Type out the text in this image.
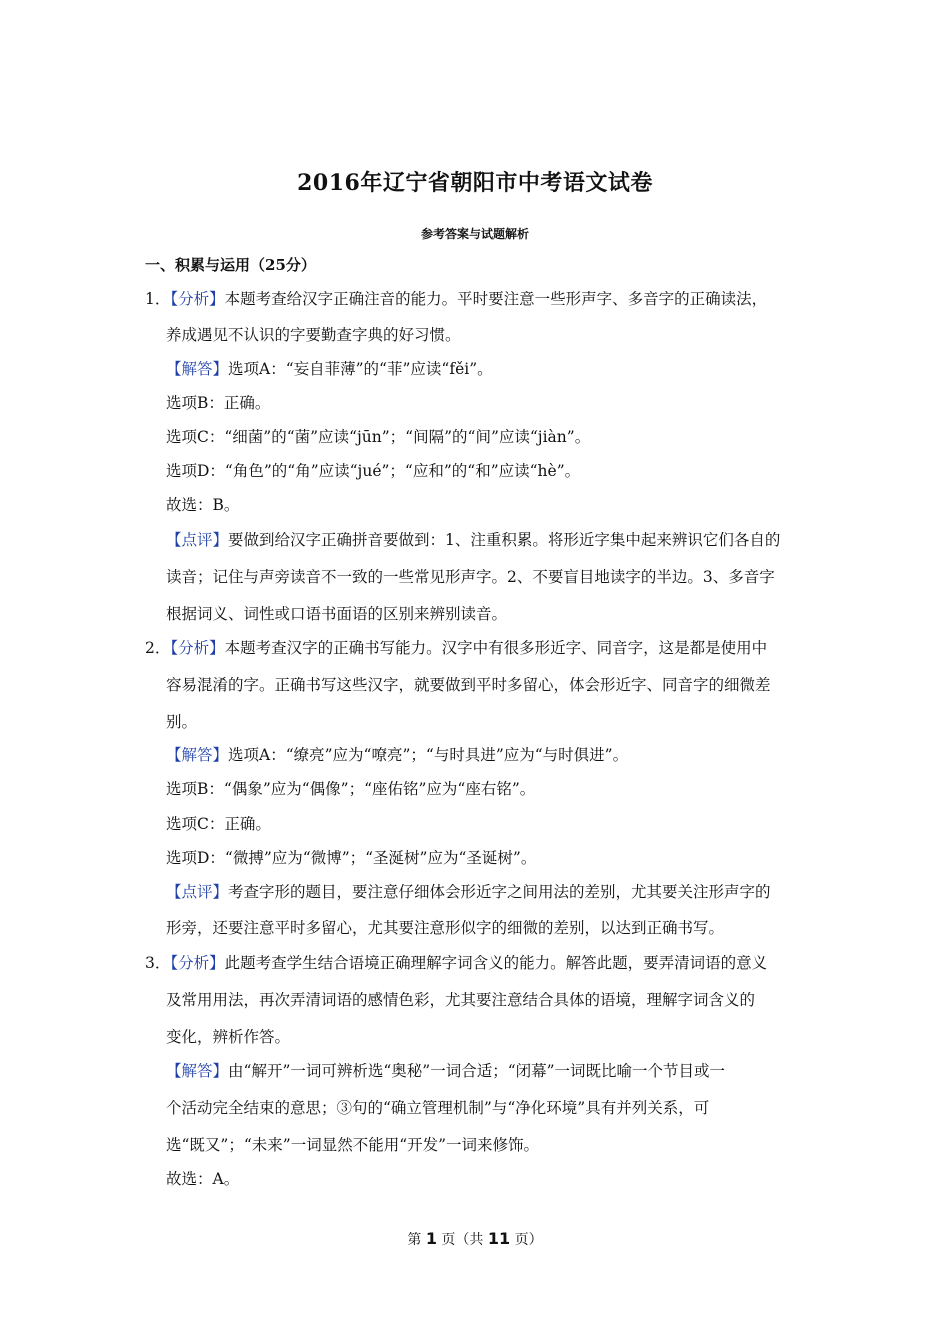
2016年辽宁省朝阳市中考语文试卷
参考答案与试题解析
一、积累与运用（25分）
1．【分析】本题考查给汉字正确注音的能力。平时要注意一些形声字、多音字的正确读法，
养成遇见不认识的字要勤查字典的好习惯。
【解答】选项A：“妄自菲薄”的“菲”应读“fěi”。
选项B：正确。
选项C：“细菌”的“菌”应读“jūn”；“间隔”的“间”应读“jiàn”。
选项D：“角色”的“角”应读“jué”；“应和”的“和”应读“hè”。
故选：B。
【点评】要做到给汉字正确拼音要做到：1、注重积累。将形近字集中起来辨识它们各自的
读音；记住与声旁读音不一致的一些常见形声字。2、不要盲目地读字的半边。3、多音字
根据词义、词性或口语书面语的区别来辨别读音。
2．【分析】本题考查汉字的正确书写能力。汉字中有很多形近字、同音字，这是都是使用中
容易混淆的字。正确书写这些汉字，就要做到平时多留心，体会形近字、同音字的细微差
别。
【解答】选项A：“缭亮”应为“嘹亮”；“与时具进”应为“与时俱进”。
选项B：“偶象”应为“偶像”；“座佑铭”应为“座右铭”。
选项C：正确。
选项D：“微搏”应为“微博”；“圣涎树”应为“圣诞树”。
【点评】考查字形的题目，要注意仔细体会形近字之间用法的差别，尤其要关注形声字的
形旁，还要注意平时多留心，尤其要注意形似字的细微的差别，以达到正确书写。
3．【分析】此题考查学生结合语境正确理解字词含义的能力。解答此题，要弄清词语的意义
及常用用法，再次弄清词语的感情色彩，尤其要注意结合具体的语境，理解字词含义的
变化，辨析作答。
【解答】由“解开”一词可辨析选“奥秘”一词合适；“闭幕”一词既比喻一个节目或一
个活动完全结束的意思；③句的“确立管理机制”与“净化环境”具有并列关系，可
选“既又”；“未来”一词显然不能用“开发”一词来修饰。
故选：A。
第 1 页（共 11 页）
